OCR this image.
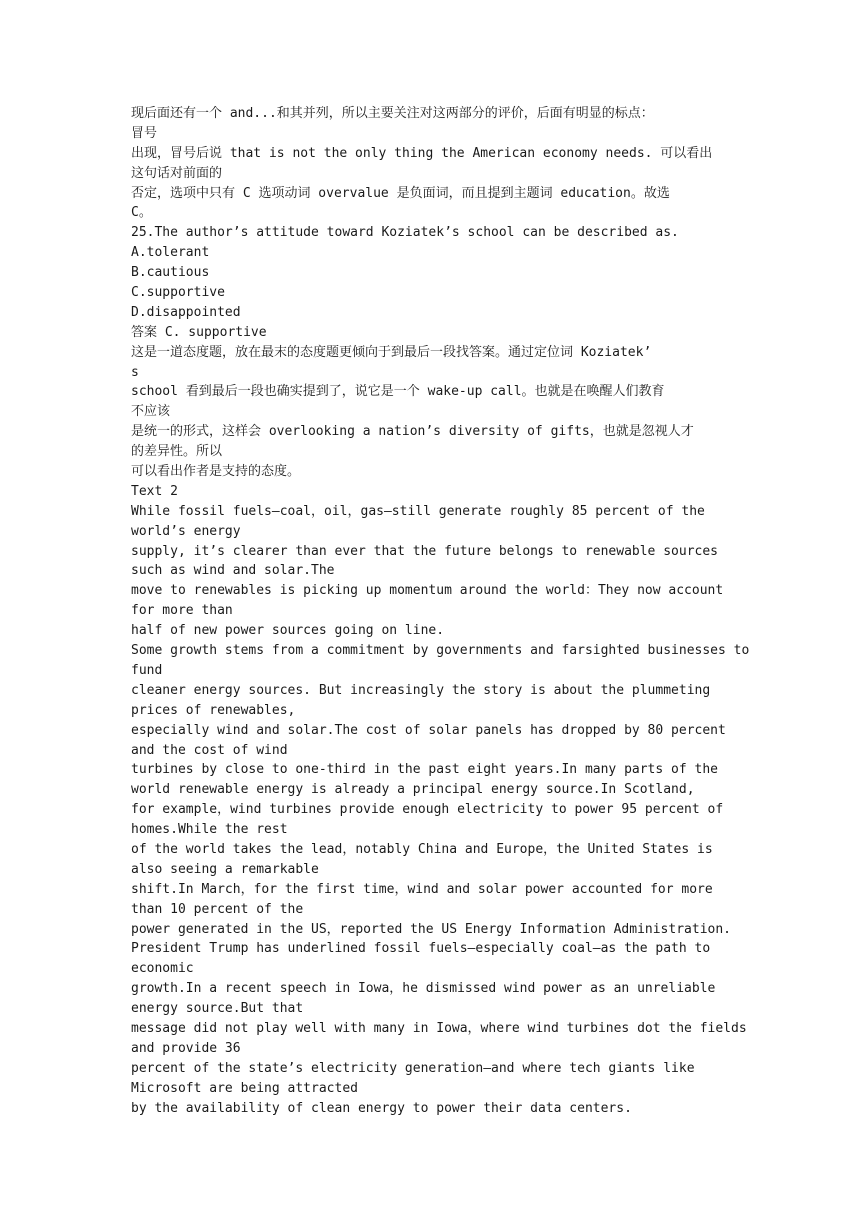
现后面还有一个 and...和其并列，所以主要关注对这两部分的评价，后面有明显的标点：
冒号
出现，冒号后说 that is not the only thing the American economy needs. 可以看出
这句话对前面的
否定，选项中只有 C 选项动词 overvalue 是负面词，而且提到主题词 education。故选
C。
25.The author’s attitude toward Koziatek’s school can be described as.
A.tolerant
B.cautious
C.supportive
D.disappointed
答案 C. supportive
这是一道态度题，放在最末的态度题更倾向于到最后一段找答案。通过定位词 Koziatek’
s
school 看到最后一段也确实提到了，说它是一个 wake-up call。也就是在唤醒人们教育
不应该
是统一的形式，这样会 overlooking a nation’s diversity of gifts，也就是忽视人才
的差异性。所以
可以看出作者是支持的态度。
Text 2
While fossil fuels—coal，oil，gas—still generate roughly 85 percent of the
world’s energy
supply, it’s clearer than ever that the future belongs to renewable sources
such as wind and solar.The
move to renewables is picking up momentum around the world：They now account
for more than
half of new power sources going on line.
Some growth stems from a commitment by governments and farsighted businesses to
fund
cleaner energy sources. But increasingly the story is about the plummeting
prices of renewables,
especially wind and solar.The cost of solar panels has dropped by 80 percent
and the cost of wind
turbines by close to one-third in the past eight years.In many parts of the
world renewable energy is already a principal energy source.In Scotland,
for example，wind turbines provide enough electricity to power 95 percent of
homes.While the rest
of the world takes the lead，notably China and Europe，the United States is
also seeing a remarkable
shift.In March，for the first time，wind and solar power accounted for more
than 10 percent of the
power generated in the US，reported the US Energy Information Administration.
President Trump has underlined fossil fuels—especially coal—as the path to
economic
growth.In a recent speech in Iowa，he dismissed wind power as an unreliable
energy source.But that
message did not play well with many in Iowa，where wind turbines dot the fields
and provide 36
percent of the state’s electricity generation—and where tech giants like
Microsoft are being attracted
by the availability of clean energy to power their data centers.
